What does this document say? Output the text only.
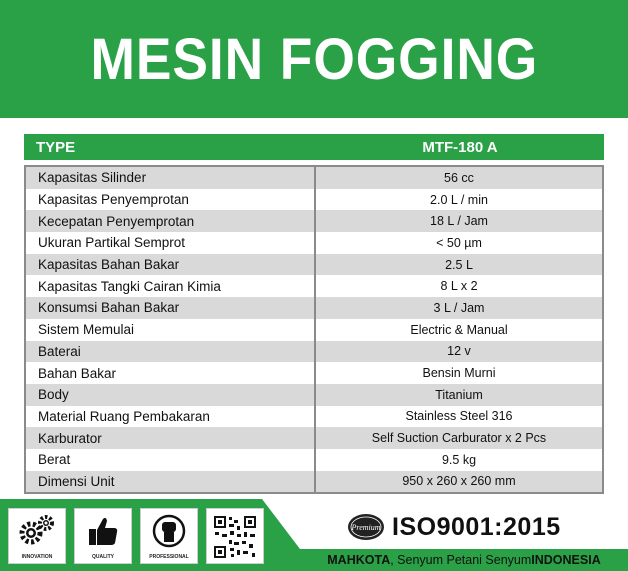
MESIN FOGGING
TYPE	MTF-180 A
Kapasitas Silinder	56 cc
Kapasitas Penyemprotan	2.0 L / min
Kecepatan Penyemprotan	18 L / Jam
Ukuran Partikal Semprot	< 50 µm
Kapasitas Bahan Bakar	2.5 L
Kapasitas Tangki Cairan Kimia	8 L x 2
Konsumsi Bahan Bakar	3 L / Jam
Sistem Memulai	Electric & Manual
Baterai	12 v
Bahan Bakar	Bensin Murni
Body	Titanium
Material Ruang Pembakaran	Stainless Steel 316
Karburator	Self Suction Carburator x 2 Pcs
Berat	9.5 kg
Dimensi Unit	950 x 260 x 260 mm
INNOVATION	QUALITY	PROFESSIONAL
Premium ISO9001:2015
MAHKOTA , Senyum Petani Senyum INDONESIA
